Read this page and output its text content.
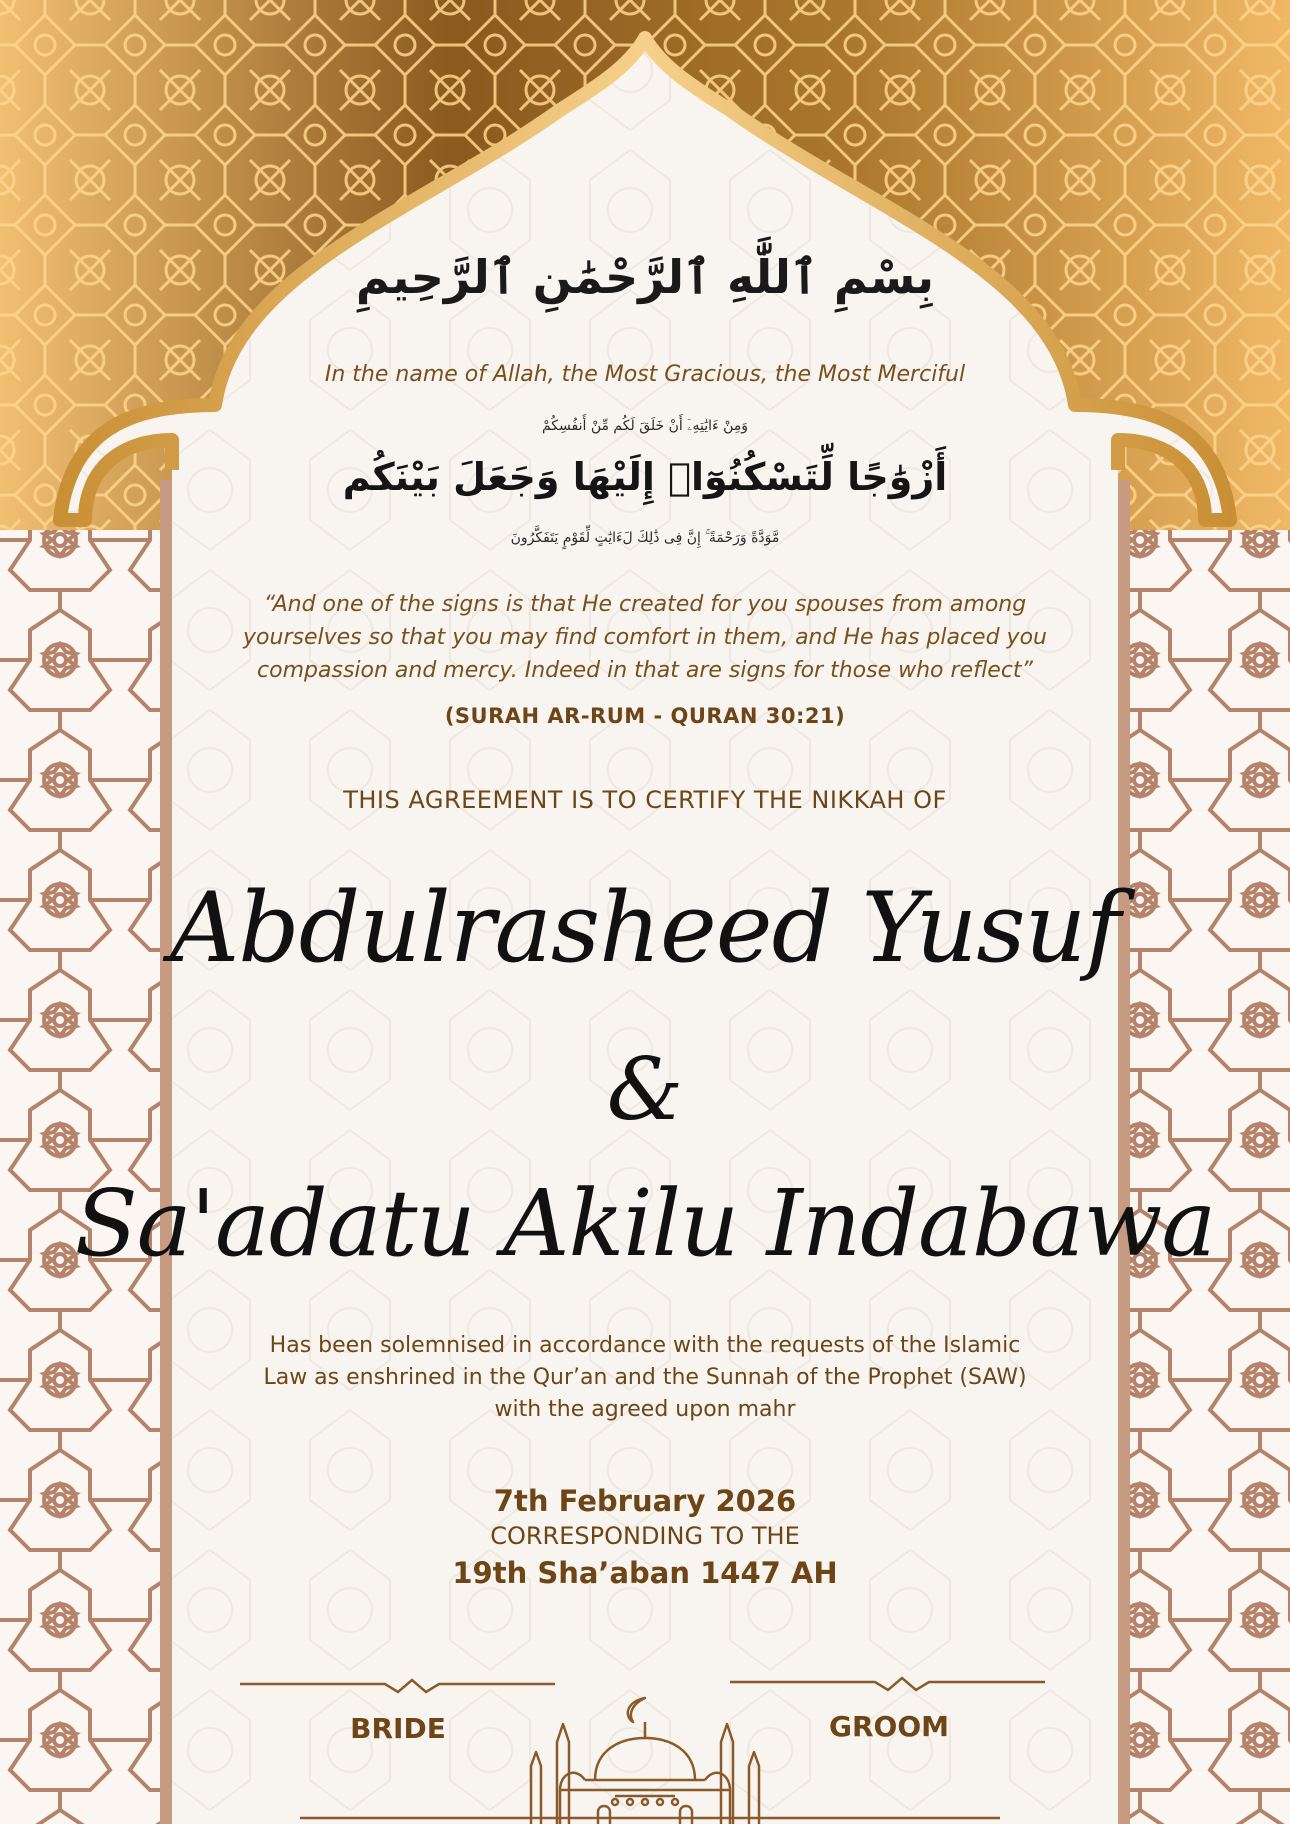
بِسْمِ ٱللَّٰهِ ٱلرَّحْمَٰنِ ٱلرَّحِيمِ

In the name of Allah, the Most Gracious, the Most Merciful

وَمِنْ ءَايَٰتِهِۦٓ أَنْ خَلَقَ لَكُم مِّنْ أَنفُسِكُمْ

أَزْوَٰجًا لِّتَسْكُنُوٓا۟ إِلَيْهَا وَجَعَلَ بَيْنَكُم

مَّوَدَّةً وَرَحْمَةً ۚ إِنَّ فِى ذَٰلِكَ لَءَايَٰتٍ لِّقَوْمٍ يَتَفَكَّرُونَ

“And one of the signs is that He created for you spouses from among
yourselves so that you may find comfort in them, and He has placed you
compassion and mercy. Indeed in that are signs for those who reflect”

(SURAH AR-RUM - QURAN 30:21)

THIS AGREEMENT IS TO CERTIFY THE NIKKAH OF

Abdulrasheed Yusuf

&

Sa'adatu Akilu Indabawa

Has been solemnised in accordance with the requests of the Islamic
Law as enshrined in the Qur’an and the Sunnah of the Prophet (SAW)
with the agreed upon mahr

7th February 2026

CORRESPONDING TO THE

19th Sha’aban 1447 AH

BRIDE	GROOM
